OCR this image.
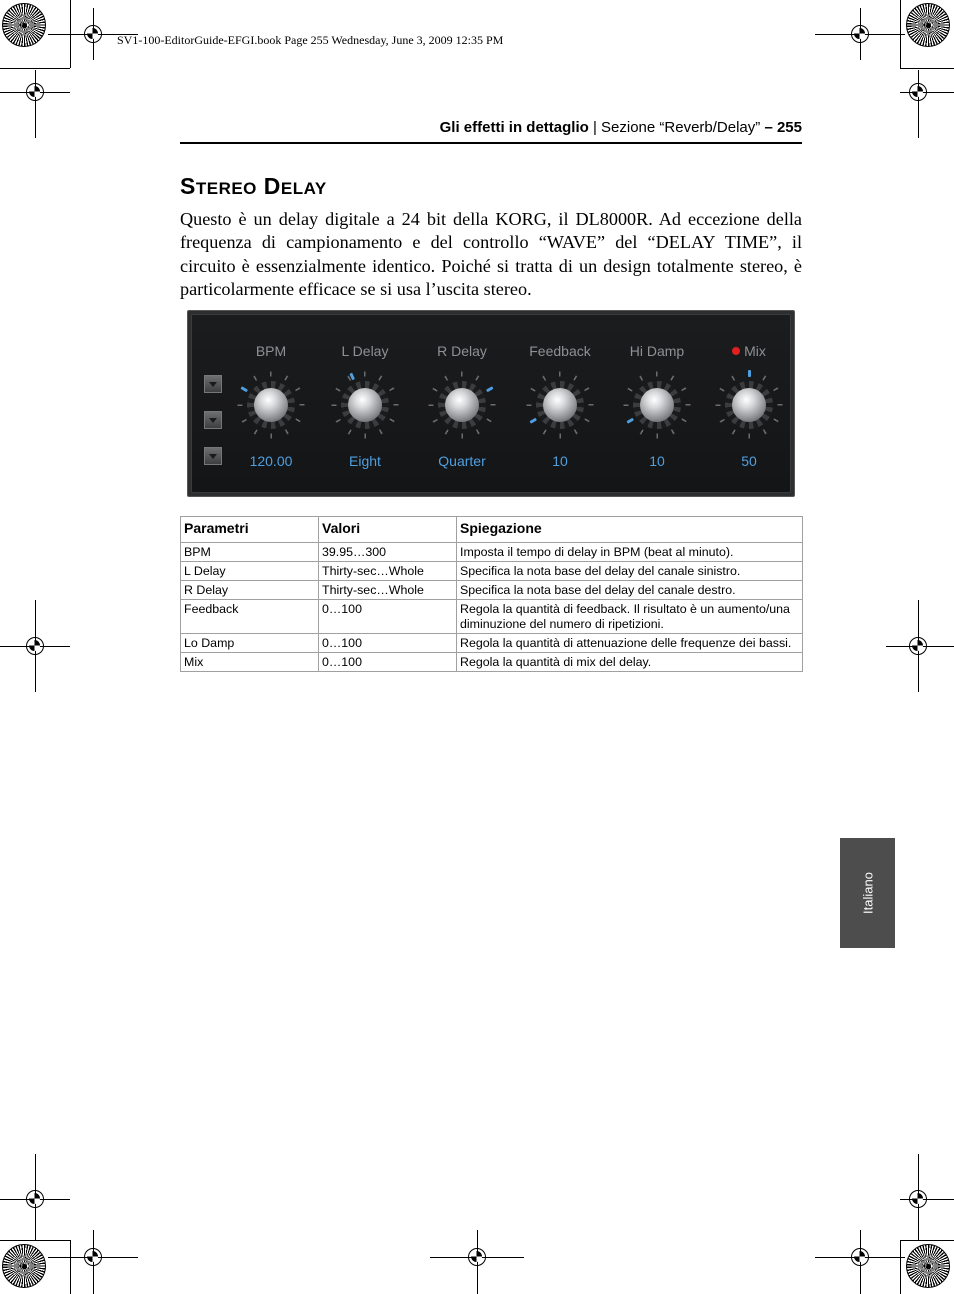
SV1-100-EditorGuide-EFGI.book Page 255 Wednesday, June 3, 2009 12:35 PM
Gli effetti in dettaglio | Sezione “Reverb/Delay” – 255
STEREO DELAY
Questo è un delay digitale a 24 bit della KORG, il DL8000R. Ad eccezione della frequenza di campionamento e del controllo “WAVE” del “DELAY TIME”, il circuito è essenzialmente identico. Poiché si tratta di un design totalmente stereo, è particolarmente efficace se si usa l’uscita stereo.
BPM
120.00
L Delay
Eight
R Delay
Quarter
Feedback
10
Hi Damp
10
Mix
50
Parametri	Valori	Spiegazione
BPM	39.95…300	Imposta il tempo di delay in BPM (beat al minuto).
L Delay	Thirty-sec…Whole	Specifica la nota base del delay del canale sinistro.
R Delay	Thirty-sec…Whole	Specifica la nota base del delay del canale destro.
Feedback	0…100	Regola la quantità di feedback. Il risultato è un aumento/una diminuzione del numero di ripetizioni.
Lo Damp	0…100	Regola la quantità di attenuazione delle frequenze dei bassi.
Mix	0…100	Regola la quantità di mix del delay.
Italiano
